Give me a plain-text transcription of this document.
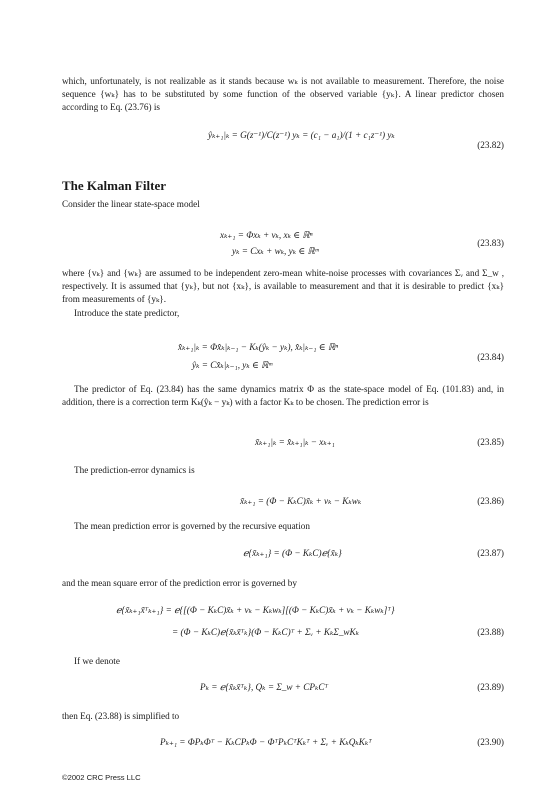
which, unfortunately, is not realizable as it stands because wₖ is not available to measurement. Therefore, the noise sequence {wₖ} has to be substituted by some function of the observed variable {yₖ}. A linear predictor chosen according to Eq. (23.76) is
ŷₖ₊₁|ₖ = G(z⁻¹)/C(z⁻¹) yₖ = (c₁ − a₁)/(1 + c₁z⁻¹) yₖ
(23.82)
The Kalman Filter
Consider the linear state-space model
xₖ₊₁ = Φxₖ + vₖ, xₖ ∈ ℝⁿ
yₖ = Cxₖ + wₖ, yₖ ∈ ℝᵐ
(23.83)
where {vₖ} and {wₖ} are assumed to be independent zero-mean white-noise processes with covariances Σᵥ and Σ_w , respectively. It is assumed that {yₖ}, but not {xₖ}, is available to measurement and that it is desirable to predict {xₖ} from measurements of {yₖ}.
Introduce the state predictor,
x̂ₖ₊₁|ₖ = Φx̂ₖ|ₖ₋₁ − Kₖ(ŷₖ − yₖ), x̂ₖ|ₖ₋₁ ∈ ℝⁿ
ŷₖ = Cx̂ₖ|ₖ₋₁, yₖ ∈ ℝᵐ
(23.84)
The predictor of Eq. (23.84) has the same dynamics matrix Φ as the state-space model of Eq. (101.83) and, in addition, there is a correction term Kₖ(ŷₖ − yₖ) with a factor Kₖ to be chosen. The prediction error is
x̃ₖ₊₁|ₖ = x̂ₖ₊₁|ₖ − xₖ₊₁	(23.85)
The prediction-error dynamics is
x̃ₖ₊₁ = (Φ − KₖC)x̃ₖ + vₖ − Kₖwₖ	(23.86)
The mean prediction error is governed by the recursive equation
ℯ{x̃ₖ₊₁} = (Φ − KₖC)ℯ{x̃ₖ}	(23.87)
and the mean square error of the prediction error is governed by
ℯ{x̃ₖ₊₁x̃ᵀₖ₊₁} = ℯ{[(Φ − KₖC)x̃ₖ + vₖ − Kₖwₖ][(Φ − KₖC)x̃ₖ + vₖ − Kₖwₖ]ᵀ}
= (Φ − KₖC)ℯ{x̃ₖx̃ᵀₖ}(Φ − KₖC)ᵀ + Σᵥ + KₖΣ_wKₖ	(23.88)
If we denote
Pₖ = ℯ{x̃ₖx̃ᵀₖ}, Qₖ = Σ_w + CPₖCᵀ	(23.89)
then Eq. (23.88) is simplified to
Pₖ₊₁ = ΦPₖΦᵀ − KₖCPₖΦ − ΦᵀPₖCᵀKₖᵀ + Σᵥ + KₖQₖKₖᵀ	(23.90)
©2002 CRC Press LLC
